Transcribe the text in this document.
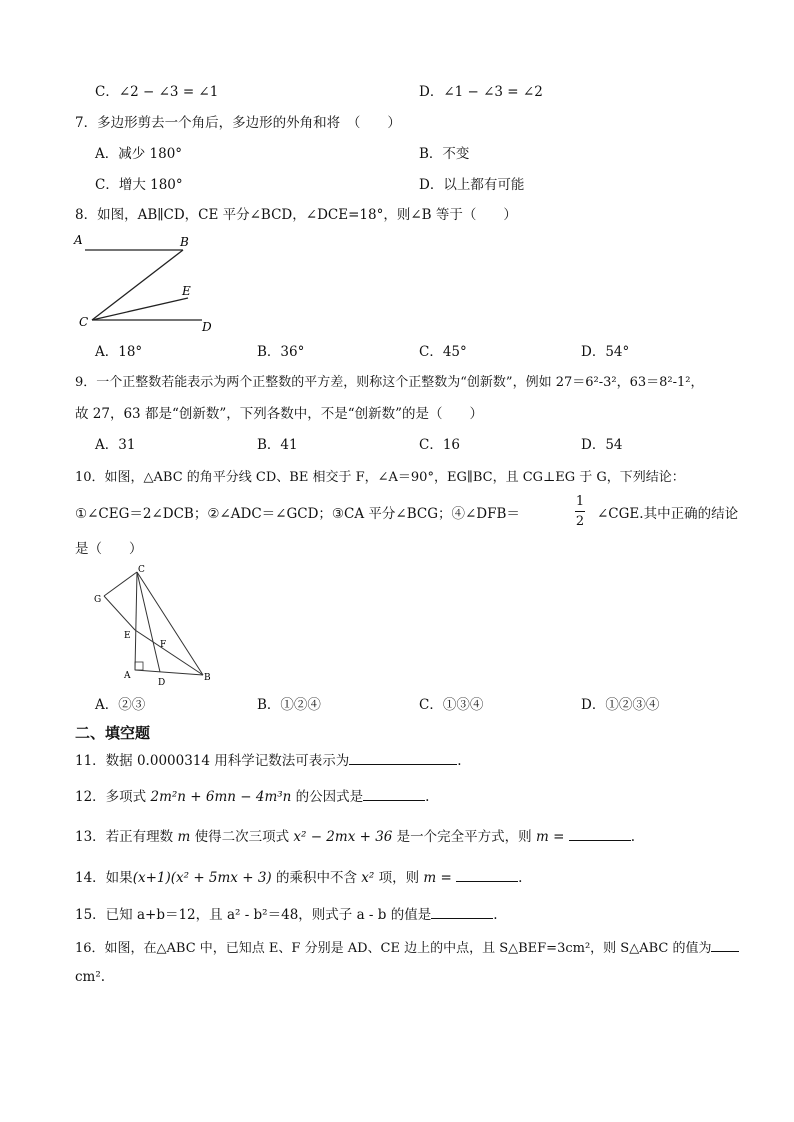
C．∠2 − ∠3 = ∠1	D．∠1 − ∠3 = ∠2
7．多边形剪去一个角后，多边形的外角和将　（　　）
A．减少 180°	B．不变
C．增大 180°	D．以上都有可能
8．如图，AB∥CD，CE 平分∠BCD，∠DCE=18°，则∠B 等于（　　）
A	B
E
C	D
A．18°	B．36°	C．45°	D．54°
9．一个正整数若能表示为两个正整数的平方差，则称这个正整数为“创新数”，例如 27＝6²-3²，63＝8²-1²，
故 27，63 都是“创新数”，下列各数中，不是“创新数”的是（　　）
A．31	B．41	C．16	D．54
10．如图，△ABC 的角平分线 CD、BE 相交于 F，∠A＝90°，EG∥BC，且 CG⊥EG 于 G，下列结论：
①∠CEG＝2∠DCB；②∠ADC＝∠GCD；③CA 平分∠BCG；④∠DFB＝
1
2 ∠CGE.其中正确的结论
是（　　）
C
G
E
F
A
D	B
A．②③	B．①②④	C．①③④	D．①②③④
二、填空题
11．数据 0.0000314 用科学记数法可表示为	.
12．多项式 2m²n + 6mn − 4m³n 的公因式是	.
13．若正有理数 m 使得二次三项式 x² − 2mx + 36 是一个完全平方式，则 m =	.
14．如果(x+1)(x² + 5mx + 3) 的乘积中不含 x² 项，则 m =	.
15．已知 a+b＝12，且 a² - b²＝48，则式子 a - b 的值是	.
16．如图，在△ABC 中，已知点 E、F 分别是 AD、CE 边上的中点，且 S△BEF=3cm²，则 S△ABC 的值为
cm².
